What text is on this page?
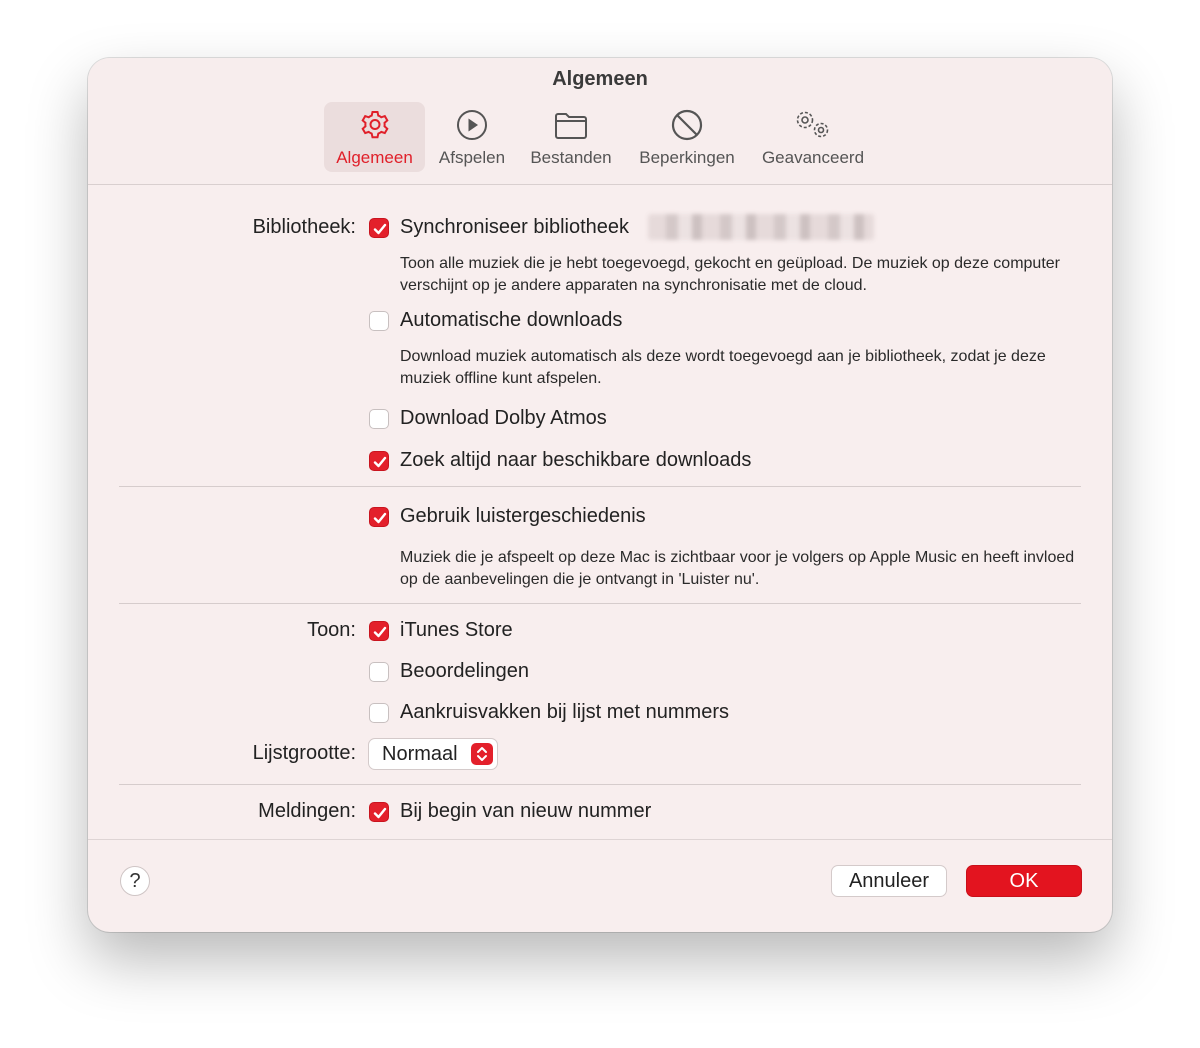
Algemeen
Algemeen Afspelen Bestanden Beperkingen Geavanceerd
Bibliotheek: Synchroniseer bibliotheek
Toon alle muziek die je hebt toegevoegd, gekocht en geüpload. De muziek op deze computer verschijnt op je andere apparaten na synchronisatie met de cloud.
Automatische downloads
Download muziek automatisch als deze wordt toegevoegd aan je bibliotheek, zodat je deze muziek offline kunt afspelen.
Download Dolby Atmos
Zoek altijd naar beschikbare downloads
Gebruik luistergeschiedenis
Muziek die je afspeelt op deze Mac is zichtbaar voor je volgers op Apple Music en heeft invloed op de aanbevelingen die je ontvangt in 'Luister nu'.
Toon: iTunes Store
Beoordelingen
Aankruisvakken bij lijst met nummers
Lijstgrootte: Normaal
Meldingen: Bij begin van nieuw nummer
?	Annuleer	OK
